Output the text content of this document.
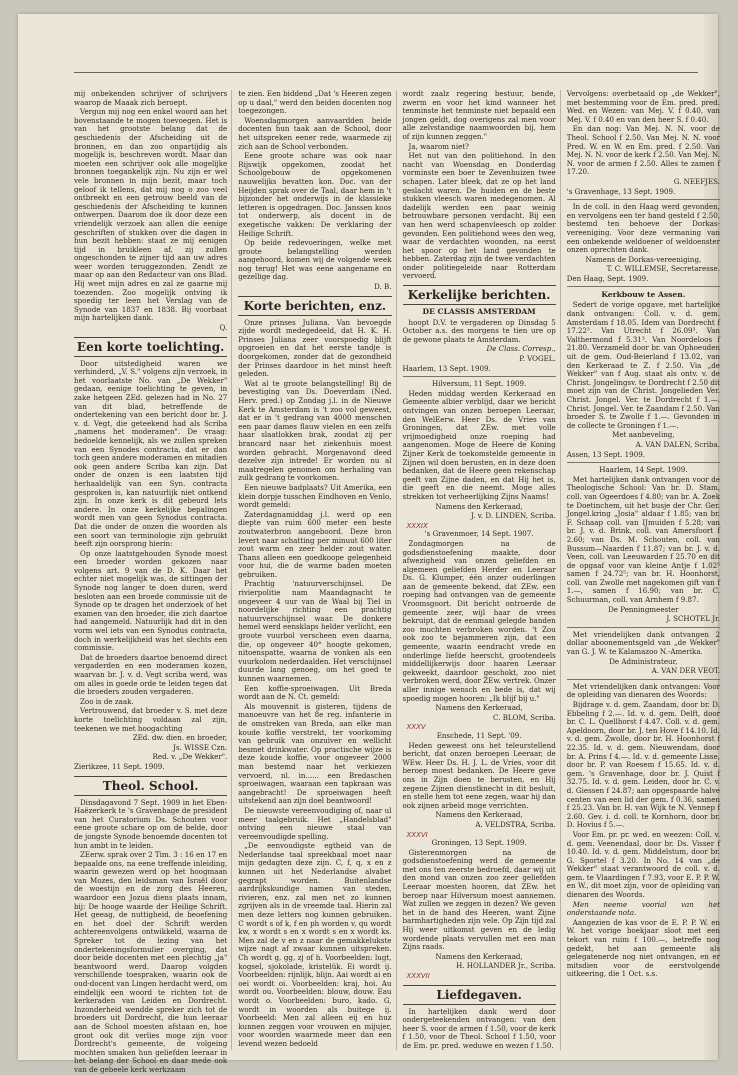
mij onbekenden schrijver of schrijvers waarop de Maaak zich beroept.

Vergun mij nog een enkel woord aan het bovenstaande te mogen toevoegen. Het is van het grootste belang dat de geschiedenis der Afscheiding uit de bronnen, en dan zoo onpartijdig als mogelijk is, beschreven wordt. Maar dan moeten een schrijver ook alle mogelijke bronnen toegankelijk zijn. Nu zijn er wel vele bronnen in mijn bezit, maar toch geloof ik tellens, dat mij nog o zoo veel ontbreekt en een getrouw beeld van de geschiedenis der Afscheiding te kunnen ontwerpen. Daarom doe ik door deze een vriendelijk verzoek aan allen die eenige geschriften of stukken over die dagen in hun bezit hebben: staat ze mij eenigen tijd in bruikleen af, zij zullen ongeschonden te zijner tijd aan uw adres weer worden teruggezonden. Zendt ze maar op aan den Redacteur van ons Blad. Hij weet mijn adres en zal ze gaarne mij toezenden. Zoo mogelijk ontving ik spoedig ter leen het Verslag van de Synode van 1837 en 1838. Bij voorbaat mijn hartelijken dank.

Q.

Een korte toelichting.

Door uitstedigheid waren we verhinderd, „V. S." volgens zijn verzoek, in het voorlaatste No. van „De Wekker" gedaan, eenige toelichting te geven, in zake hetgeen ZEd. gelezen had in No. 27 van dit blad, betreffende de ondertekening van een bericht door br. J. v. d. Vegt, die geteekend had als Scriba „namens het moderamen". De vraag: bedoelde kennelijk, als we zullen spreken van een Synodes contracta, dat er dan toch geen andere moderamen en mitadien ook geen andere Scriba kan zijn. Dat onder de onzen is een laatsten tijd herhaaldelijk van een Syn. contracta gesproken is, kan natuurlijk niet ontkend zijn. In onze kerk is dit gebeurd lets andere. In onze kerkelijke bepalingen wordt men van geen Synodus contracta. Dat die onder de onzen die woorden als een soort van terminologie zijn gebruikt heeft zijn oorsprong hierin:

Op onze laatstgehouden Synode moest een broeder worden gekozen naar volgens art. 9 van de D. K. Daar het echter niet mogelijk was, de sittingen der Synode nog langer te doen duren, werd besloten aan een broede commissie uit de Synode op te dragen het onderzoek of het examen van den broeder, die zich daartoe had aangemeld. Natuurlijk had dit in den vorm wel iets van een Synodus contracta, doch in werkelijkheid was het slechts een commissie.

Dat de broeders daartoe benoemd direct vergaderden en een moderamen kozen, waarvan br. J. v. d. Vegt scriba werd, was om alles in goede orde te leiden tegen dat die broeders zouden vergaderen.

Zoo is de zaak.

Vertrouwend, dat broeder v. S. met deze korte toelichting voldaan zal zijn, teekenen we met hoogachting

ZEd. dw. dien. en broeder,

Js. WISSE Czn.

Red. v. „De Wekker".

Zierikzee, 11 Sept. 1909.

Theol. School.

Dinsdagavond 7 Sept. 1909 in het Eben-Haëzerkerk te 's Gravenhage de president van het Curatorium Ds. Schouten voor eene groote schare op om de belde, door de jongste Synode benoemde docenten tot hun ambt in te leiden.

ZEerw. sprak over 2 Tim. 3 : 16 en 17 en bepaalde ons, na eene treffende inleiding, waarin gewezen werd op het hoogmaan van Mozes, den leidsman van Israël door de woestijn en de zorg des Heeren, waardoor een Jozua diens plaats innam, bij: De hooge waarde der Heilige Schrift. Het geeag, de nuttigheid, de beoefening en het doel der Schrift werden achtereenvolgens ontwikkeld, waarna de Spreker tot de lezing van het ondertekeningsformulier overging, dat door beide docenten met een plechtig „ja" beantwoord werd. Daarop volgden verschillende toespraken, waarin ook de oud-docent van Lingen herdacht werd, om eindelijk een woord te richten tot de kerkeraden van Leiden en Dordrecht. Inzonderheid wendde spreker zich tot de broeders uit Dordrecht, die hun leeraar aan de School moesten afstaan en, hoe groot ook dit verlies moge zijn voor Dordrecht's gemeente, de volgeing mochten smaken hun geliefden leeraar in het belang der School en daar mede ook van de gebeele kerk werkzaam

te zien. Een biddend „Dat 's Heeren zegen op u daal," werd den beiden docenten nog toegezongen.

Woensdagmorgen aanvaardden beide docenten hun taak aan de School, door het uitspreken eener rede, waarmede zij zich aan de School verbonden.

Eene groote schare was ook naar Rijswijk opgekomen, zoodat het Schoolgebouw de opgekomenen nauwelijks bevatten kon. Doc. van der Heijden sprak over de Taal, daar hem in 't bijzonder het onderwijs in de klassieke letteren is opgedragen. Doc. Janssen koos tot onderwerp, als docent in de exegetische vakken: De verklaring der Heilige Schrift.

Op beide redevoeringen, welke met groote belangstelling werden aangehoord, komen wij de volgende week nog terug! Het was eene aangename en gezellige dag.

D. B.

Korte berichten, enz.

Onze prinses Juliana. Van bevoegde zijde wordt medegedeeld, dat H. K. H. Prinses Juliana zeer voorspoedig blijft opgroeien en dat het eerste tandje is doorgekomen, zonder dat de gezondheid der Prinses daardoor in het minst heeft geleden.

Wat al te groote belangstelling! Bij de bevestiging van Ds. Doeverdam (Ned. Herv. pred.) op Zondag j.l. in de Nieuwe Kerk te Amsterdam is 't zoo vol geweest, dat er in 't gedrang van 4000 menschen een paar dames flauw vielen en een zelfs haar slaatlokken brak, zoodat zij per brancard naar het ziekenhuis moest worden gebracht. Morgenavond deed dezelve zijn intrede! Er worden nu al maatregelen genomen om herhaling van zulk gedrang te voorkomen.

Een nieuwe badplaats? Uit Amerika, een klein dorpje tusschen Eindhoven en Venlo, wordt gemeld:

Zaterdagnamiddag j.l. werd op een diepte van ruim 600 meter een beste zoutwaterbron aangeboord. Deze bron levert naar schatting per minuut 600 liter zout warm en zeer helder zout water. Thans alleen een goedkoope gelegenheid voor hui, die de warme baden moeten gebruiken.

Prachtig 'natuurverschijnsel. De rivierpolitie nam Maandagnacht te ongeveer 4 uur van de Waal bij Tiel in noordelijke richting een prachtig natuurverschijnsel waar. De donkere hemel werd eensklaps helder verlicht, een groote vuurbol verscheen even daarna, die, op ongeveer 40° hoogte gekomen, nitoenspatte, waarna de vonken als een vuurkolom nederdaalden. Het verschijnsel duurde lang genoeg, om het goed te kunnen waarnemen.

Een koffie-sproeiwagen. Uit Breda wordt aan de N. Ct. gemeld:

Als mouvennit is gisteren, tijdens de manoeuvre van het 8e reg. infanterie in de omstreken van Breda, aan elke man koude koffie verstrekt, ter voorkoming van gebruik van onzuiver en wellicht besmet drinkwater. Op practische wijze is deze koude koffie, voor ongeveer 2000 man bestemd naar het verkiezen vervoerd, nl. in...... een Bredaschen sproeiwagen, waaraan een tapkraan was aangebracht! De sproeiwagen heeft uitstekend aan zijn doel beantwoord!

De nieuwste vereenvoudiging of, naar ul meer taalgebruik. Het „Handelsblad" ontving een nieuwe staal van vereenvoudigde spelling.

„De eenvoudigste egtheid van de Nederlandse taal spreekbaal moet naar mijn gedagten deze zijn. C, f, q, x en z kunnen uit het Nederlandse alvabet gegrapt worden. Buitenlandse aardrijkskundige namen van steden, rivieren, enz. zal men net zo kunnen zgrijven als in de vreemde taal. Hierin zal men deze letters nog kunnen gebruiken. C wordt s of k, f en ph worden v, qu wordt kw, x wordt s en x wordt s en x wordt ks. Men zal de v en z naar de gemakkelukste wijze nagt af zwaar kunnen uitspreken. Ch wordt g, gg, zj of h. Voorbeelden: lugt, kogsel, sjokolade, kristelük. Ei wordt ij. Voorbeelden: rijnlijk, blijn. Aai wordt ai en oei wordt oi. Voorbeelden: kraj, hoi. Au wordt ou. Voorbeelden: blouw, douw. Eau wordt o. Voorbeelden: buro, kado. G, wordt in woorden als buitege ij. Voorbeeld: Men zal alleen eij en huz kunnen zeggen voor vrouwen en mijujer, voor woorden waarmede meer dan een levend wezen bedoeld

wordt zaalz regering bestuur, bende, zwerm en voor het kind wanneer het tenminste het tenminste niet bepaald een jongen geldt, dog overigens zal men voor alle zelvstandige naamwoorden bij, hem of zijn kunnen zeggen."

Ja, waarom niet?

Het nut van den politiehond. In den nacht van Woensdag en Donderdag vorminste een boer te Zevenhuizen twee schapen. Later bleek, dat ze op het land geslacht waren. De huiden en de beste stukken vleesch waren medegenomen. Al dadelijk werden een paar weinig betrouwbare personen verdacht. Bij een van hen werd schapenvleesch op zolder gevonden. Een politiehond wees den weg, waar de verdachten woonden, na eerst het spoor op het land gevonden te hebben. Zaterdag zijn de twee verdachten onder politiegeleide naar Rotterdam vervoerd.

Kerkelijke berichten.
DE CLASSIS AMSTERDAM

hoopt D.V. te vergaderen op Dinsdag 5 October a.s. des morgens te tien ure op de gewone plaats te Amsterdam.

De Class. Corresp.,

P. VOGEL.

Haarlem, 13 Sept. 1909.

Hilversum, 11 Sept. 1909.

Heden middag werden Kerkeraad en Gemeente albier verblijd, daar we bericht ontvingen van onzen beroepen Leeraar, den WelEerw. Heer Ds. de Vries van Groningen, dat ZEw. met volle vrijmoedigheid onze roeping had aangenomen. Moge de Heere de Koning Zijner Kerk de toekomstelde gemeente in Zijnen wil doen berusten, en in deze doen bedanken, dat de Heere geen rekenschap geeft van Zijne daden, en dat Hij het is, die geeft en die neemt. Moge alles strekken tot verheerlijking Zijns Naams!

Namens den Kerkeraad,

J. v. D. LINDEN, Scriba.

XXXIX

's Gravenmoer, 14 Sept. 1907.

Zondagmorgen na de godsdienstoefening maakte, door afwezigheid van onzen geliefden en algemeen geliefden Herder en Leeraar Ds. G. Klumper, één onzer ouderlingen aan de gemeente bekend, dat ZEw. een roeping had ontvangen van de gemeente Vroomsgoort. Dit bericht ontroerde de gemeente zeer, wijl haar de vrees bekruipt, dat de eenmaal gelegde banden zoo muchten verbroken worden. 't Zou ook zoo te bejammeren zijn, dat een gemeente, waarin eendracht vrede en onderlinge liefde heerscht, grootendeels middellijkerwijs door haaren Leeraar gekweekt, daardoor geschokt, zoo niet verbroken werd, door ZEw. vertrek. Onzer aller innige wensch en bede is, dat wij spoedig mogen hooren: „Ik blijf bij u."

Namens den Kerkeraad,

C. BLOM, Scriba.

XXXV

Enschede, 11 Sept. '09.

Heden geweest ons het teleurstellend bericht, dat onzen beroepen Leeraar, de WEw. Heer Ds. H. J. L. de Vries, voor dit beroep moest bedanken. De Heere geve ons in Zijn doen te berusten, en Hij zegene Zijnen dienstknecht in dit besluit, en stelle hem tot eene zegen, waar hij dan ook zijnen arbeid moge verrichten.

Namens den Kerkeraad,

A. VELDSTRA, Scriba.

XXXVI

Groningen, 13 Sept. 1909.

Gisterenmorgen na de godsdienstoefening werd de gemeente met ons ten zeerste bedroefd, daar wij uit den mond van onzen zoo zeer geliefden Leeraar moesten hooren, dat ZEw. het beroep naar Hilversum moest aannemen. Wat zullen we zeggen in dezen? We geven het in de hand des Heeren, want Zijne barmhartigheden zijn vele. Op Zijn tijd zal Hij weer uitkomst geven en de ledig wordende plaats vervullen met een man Zijns raads.

Namens den Kerkeraad,

H. HOLLANDER Jr., Scriba.

XXXVII
Liefdegaven.

In hartelijken dank werd door ondergeteekenden ontvangen: van den heer S. voor de armen f 1.50, voor de kerk f 1.50, voor de Theol. School f 1.50, voor de Em. pr. pred. weduwe en wezen f 1.50.

Vervolgens: overbetaald op „de Wekker", met bestemming voor de Em. pred. pred. Wed. en Wezen: van Mej. V. f 0.40, van Mej. V. f 0.40 en van den heer S. f 0.40.

En dan nog: Van Mej. N. N. voor de Theol. School f 2.50. Van Mej. N. N. voor Pred. W. en W. en Em. pred. f 2.50. Van Mej. N. N. voor de kerk f 2.50. Van Mej. N. N. voor de armen f 2.50. Alles te zamen f 17.20.

G. NEEFJES.

's Gravenhage, 13 Sept. 1909.

In de coll. in den Haag werd gevonden, en vervolgens een ter hand gesteld f 2.50, bestemd ten behoeve der Dorkas-vereeniging. Voor deze vermaning van een onbekende weldoener of weldoenster onzen oprechten dank.

Namens de Dorkas-vereeniging,

T. C. WILLEMSE, Secretaresse.

Den Haag, Sept. 1909.

Kerkbouw te Assen.

Sedert de vorige opgave, met hartelijke dank ontvangen: Coll. v. d. gem. Amsterdam f 18.05. Idem van Dordrecht f 17.22³. Van Utrecht f 26.09³. Van Valthermond f 5.31³. Van Noordeloos f 21.80. Verzameld door br. van Ophoeuden uit de gem. Oud-Beierland f 13.02, van den Kerkeraad te Z. f 2.50. Via „de Wekker" van f Aug. staat als ontv. v. de Christ. Jongelingsv. te Dordrecht f 2.50 dit moet zijn van de Christ. Jongelieden Ver. Christ. Jongel. Ver. te Dordrecht f 1.—. Christ. Jongel. Ver. te Zaandam f 2.50. Van broeder S. te Zwolle f 1.—. Gevonden in de collecte te Groningen f 1.—.

Met aanbeveling,

A. VAN DALEN, Scriba.

Assen, 13 Sept. 1909.

Haarlem, 14 Sept. 1909.

Met hartelijken dank ontvangen voor de Theologische School: Van br. D. Stam, coll. van Ogeerdoes f 4.80; van br. A. Zoek te Doetinchem, uit het busje der Chr. Ger. Jongel.kring „Josia" aldaar f 1.85; van br. F. Schaap coll. van IJmuiden f 5.28; van br. J. v. d. Brink, coll. van Amersfoort f 2.60; van Ds. M. Schouten, coll. van Bussum—Naarden f 11.87; van br. J. v. d. Veen, coll. van Leeuwarden f 25.70 en dit de opgaaf voor van kleine Antje f 1.02⁵ samen f 24.72⁵; van br. H. Hoonhorst, coll. van Zwolle met nagekomen gift van f 1.—, samen f 16.90; van br. C. Schuurman, coll. van Arnhem f 9.87.

De Penningmeester

J. SCHOTEL Jr.

Met vriendelijken dank ontvangen 2 dollar aboonementsgeld van „de Wekker" van G. J. W. te Kalamazoo N.-Amerika.

De Administrateur,

A. VAN DER VEOT.

Met vriendelijken dank ontvangen: Voor de opleiding van dienaren des Woords:

Bijdrage v. d. gem. Zaandam, door br. D. Ebbeling f 2.—. Id. v. d. gem. Delft, door br. C. L. Quellhorst f 4.47. Coll. v. d. gem. Apeldoorn, door br. J. ten Hove f 14.10. Id. v. d. gem. Zwolle, door br. H. Hoonhorst f 22.35. Id. v. d. gem. Nieuwendam, door br. A. Prins f 4.—. Id. v. d. gemeente Lisse, door br. P. van Roesem f 15.65. Id. v. d. gem. 's Gravenhage, door br. J. Quist f 32.75. Id. v. d. gem. Leiden, door br. C. v. d. Giessen f 24.87; aan opgespaarde halve centen van een lid der gem. f 0.36, samen f 25.23. Van br. H. van Wijk te N. Vennep f 2.60. Gev. i. d. coll. te Kornhorn, door br. D. Hovius f 5.—.

Voor Em. pr. pr. wed. en weezen: Coll. v. d. gem. Veenendaal, door br. Ds. Visser f 10.40. Id. v. d. gem. Middelstum, door br. G. Sportel f 3.20. In No. 14 van „de Wekker" staat verantwoord de coll. v. d. gem. te Vlaardingen f 7.93, voor E. P. P. W. en W., dit moet zijn, voor de opleiding van dienaren des Woords.

Men neeme voorial van het onderstaande nota.

Aangezien de kas voor de E. P. P. W. en W. het vorige boekjaar sloot met een tekort van ruim f 100.—, betreffe nog gedekt, het aan gemeente als gelegatenerde nog niet ontvangen, en er mitsdien voor de eerstvolgende uitkeering, die 1 Oct. s.s.
